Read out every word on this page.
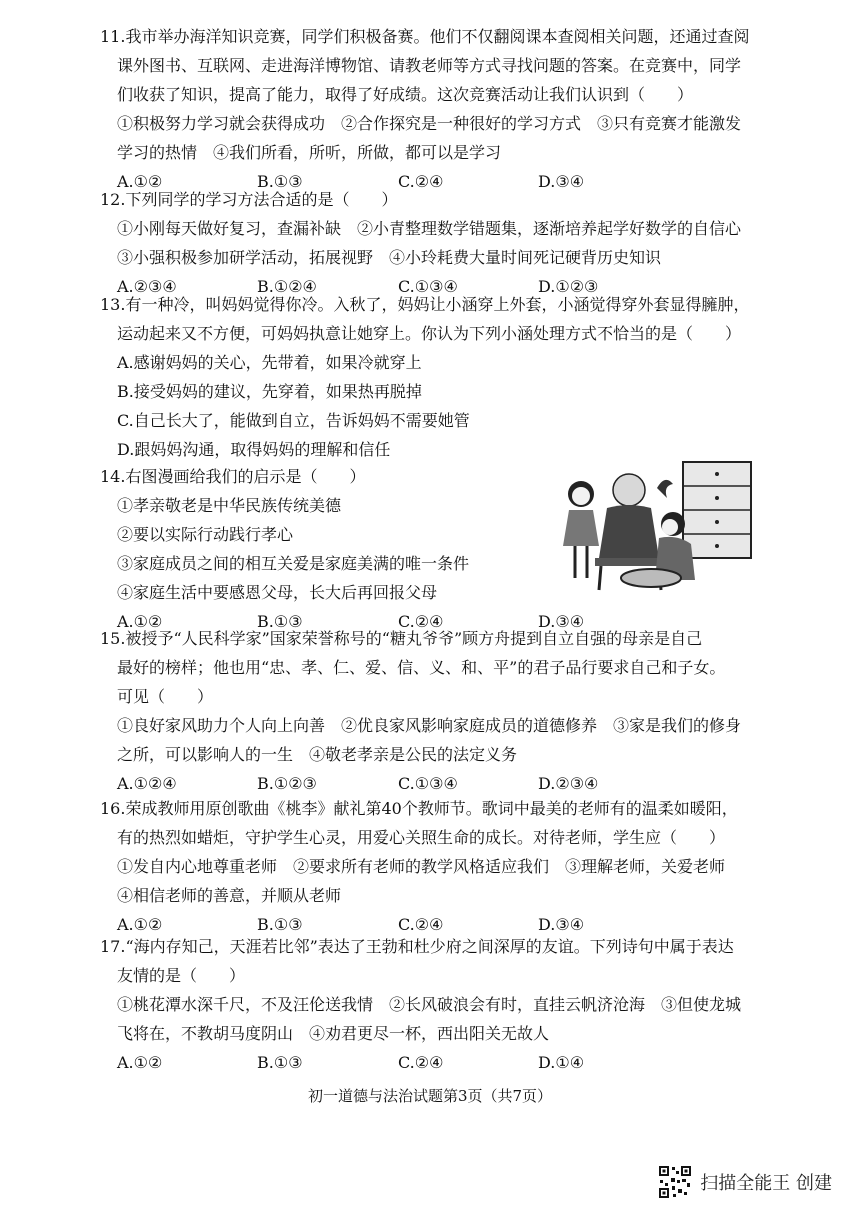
11.我市举办海洋知识竞赛，同学们积极备赛。他们不仅翻阅课本查阅相关问题，还通过查阅
课外图书、互联网、走进海洋博物馆、请教老师等方式寻找问题的答案。在竞赛中，同学
们收获了知识，提高了能力，取得了好成绩。这次竞赛活动让我们认识到（　　）
①积极努力学习就会获得成功　②合作探究是一种很好的学习方式　③只有竞赛才能激发
学习的热情　④我们所看，所听，所做，都可以是学习
A.①②	B.①③	C.②④	D.③④
12.下列同学的学习方法合适的是（　　）
①小刚每天做好复习，查漏补缺　②小青整理数学错题集，逐渐培养起学好数学的自信心
③小强积极参加研学活动，拓展视野　④小玲耗费大量时间死记硬背历史知识
A.②③④	B.①②④	C.①③④	D.①②③
13.有一种冷，叫妈妈觉得你冷。入秋了，妈妈让小涵穿上外套，小涵觉得穿外套显得臃肿，
运动起来又不方便，可妈妈执意让她穿上。你认为下列小涵处理方式不恰当的是（　　）
A.感谢妈妈的关心，先带着，如果冷就穿上
B.接受妈妈的建议，先穿着，如果热再脱掉
C.自己长大了，能做到自立，告诉妈妈不需要她管
D.跟妈妈沟通，取得妈妈的理解和信任
14.右图漫画给我们的启示是（　　）
①孝亲敬老是中华民族传统美德
②要以实际行动践行孝心
③家庭成员之间的相互关爱是家庭美满的唯一条件
④家庭生活中要感恩父母，长大后再回报父母
A.①②	B.①③	C.②④	D.③④
15.被授予“人民科学家”国家荣誉称号的“糖丸爷爷”顾方舟提到自立自强的母亲是自己
最好的榜样；他也用“忠、孝、仁、爱、信、义、和、平”的君子品行要求自己和子女。
可见（　　）
①良好家风助力个人向上向善　②优良家风影响家庭成员的道德修养　③家是我们的修身
之所，可以影响人的一生　④敬老孝亲是公民的法定义务
A.①②④	B.①②③	C.①③④	D.②③④
16.荣成教师用原创歌曲《桃李》献礼第40个教师节。歌词中最美的老师有的温柔如暖阳，
有的热烈如蜡炬，守护学生心灵，用爱心关照生命的成长。对待老师，学生应（　　）
①发自内心地尊重老师　②要求所有老师的教学风格适应我们　③理解老师，关爱老师
④相信老师的善意，并顺从老师
A.①②	B.①③	C.②④	D.③④
17.“海内存知己，天涯若比邻”表达了王勃和杜少府之间深厚的友谊。下列诗句中属于表达
友情的是（　　）
①桃花潭水深千尺，不及汪伦送我情　②长风破浪会有时，直挂云帆济沧海　③但使龙城
飞将在，不教胡马度阴山　④劝君更尽一杯，西出阳关无故人
A.①②	B.①③	C.②④	D.①④
初一道德与法治试题第3页（共7页）
扫描全能王 创建
